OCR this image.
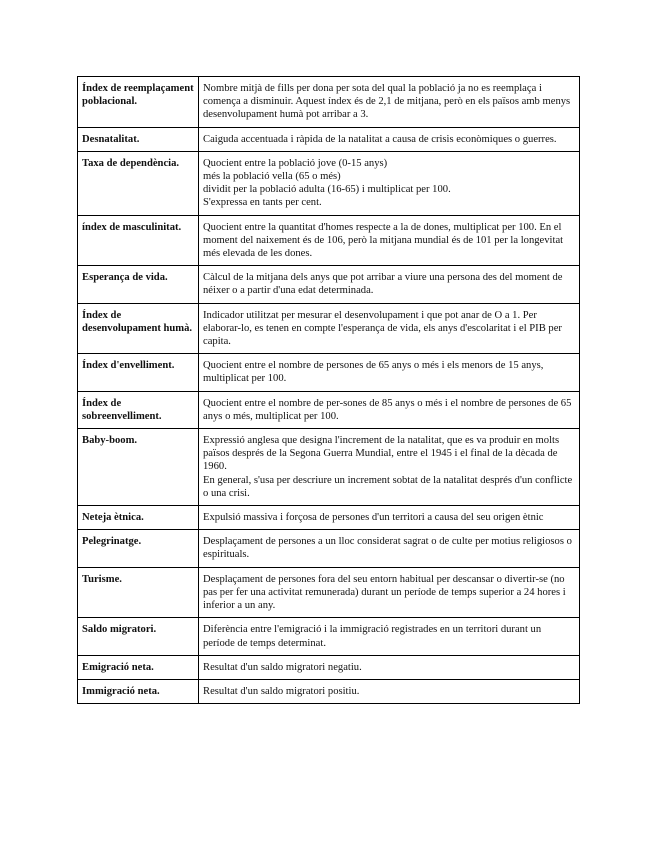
Índex de reemplaçament poblacional.	Nombre mitjà de fills per dona per sota del qual la població ja no es reemplaça i comença a disminuir. Aquest índex és de 2,1 de mitjana, però en els països amb menys desenvolupament humà pot arribar a 3.
Desnatalitat.	Caiguda accentuada i ràpida de la natalitat a causa de crisis econòmiques o guerres.
Taxa de dependència.	Quocient entre la població jove (0-15 anys)
més la població vella (65 o més)
dividit per la població adulta (16-65) i multiplicat per 100.
S'expressa en tants per cent.
índex de masculinitat.	Quocient entre la quantitat d'homes respecte a la de dones, multiplicat per 100. En el moment del naixement és de 106, però la mitjana mundial és de 101 per la longevitat més elevada de les dones.
Esperança de vida.	Càlcul de la mitjana dels anys que pot arribar a viure una persona des del moment de néixer o a partir d'una edat determinada.
Índex de desenvolupament humà.	Indicador utilitzat per mesurar el desenvolupament i que pot anar de O a 1. Per elaborar-lo, es tenen en compte l'esperança de vida, els anys d'escolaritat i el PIB per capita.
Índex d'envelliment.	Quocient entre el nombre de persones de 65 anys o més i els menors de 15 anys, multiplicat per 100.
Índex de sobreenvelliment.	Quocient entre el nombre de per-sones de 85 anys o més i el nombre de persones de 65 anys o més, multiplicat per 100.
Baby-boom.	Expressió anglesa que designa l'increment de la natalitat, que es va produir en molts països després de la Segona Guerra Mundial, entre el 1945 i el final de la dècada de 1960.
En general, s'usa per descriure un increment sobtat de la natalitat després d'un conflicte o una crisi.
Neteja ètnica.	Expulsió massiva i forçosa de persones d'un territori a causa del seu origen ètnic
Pelegrinatge.	Desplaçament de persones a un lloc considerat sagrat o de culte per motius religiosos o espirituals.
Turisme.	Desplaçament de persones fora del seu entorn habitual per descansar o divertir-se (no pas per fer una activitat remunerada) durant un període de temps superior a 24 hores i inferior a un any.
Saldo migratori.	Diferència entre l'emigració i la immigració registrades en un territori durant un període de temps determinat.
Emigració neta.	Resultat d'un saldo migratori negatiu.
Immigració neta.	Resultat d'un saldo migratori positiu.
